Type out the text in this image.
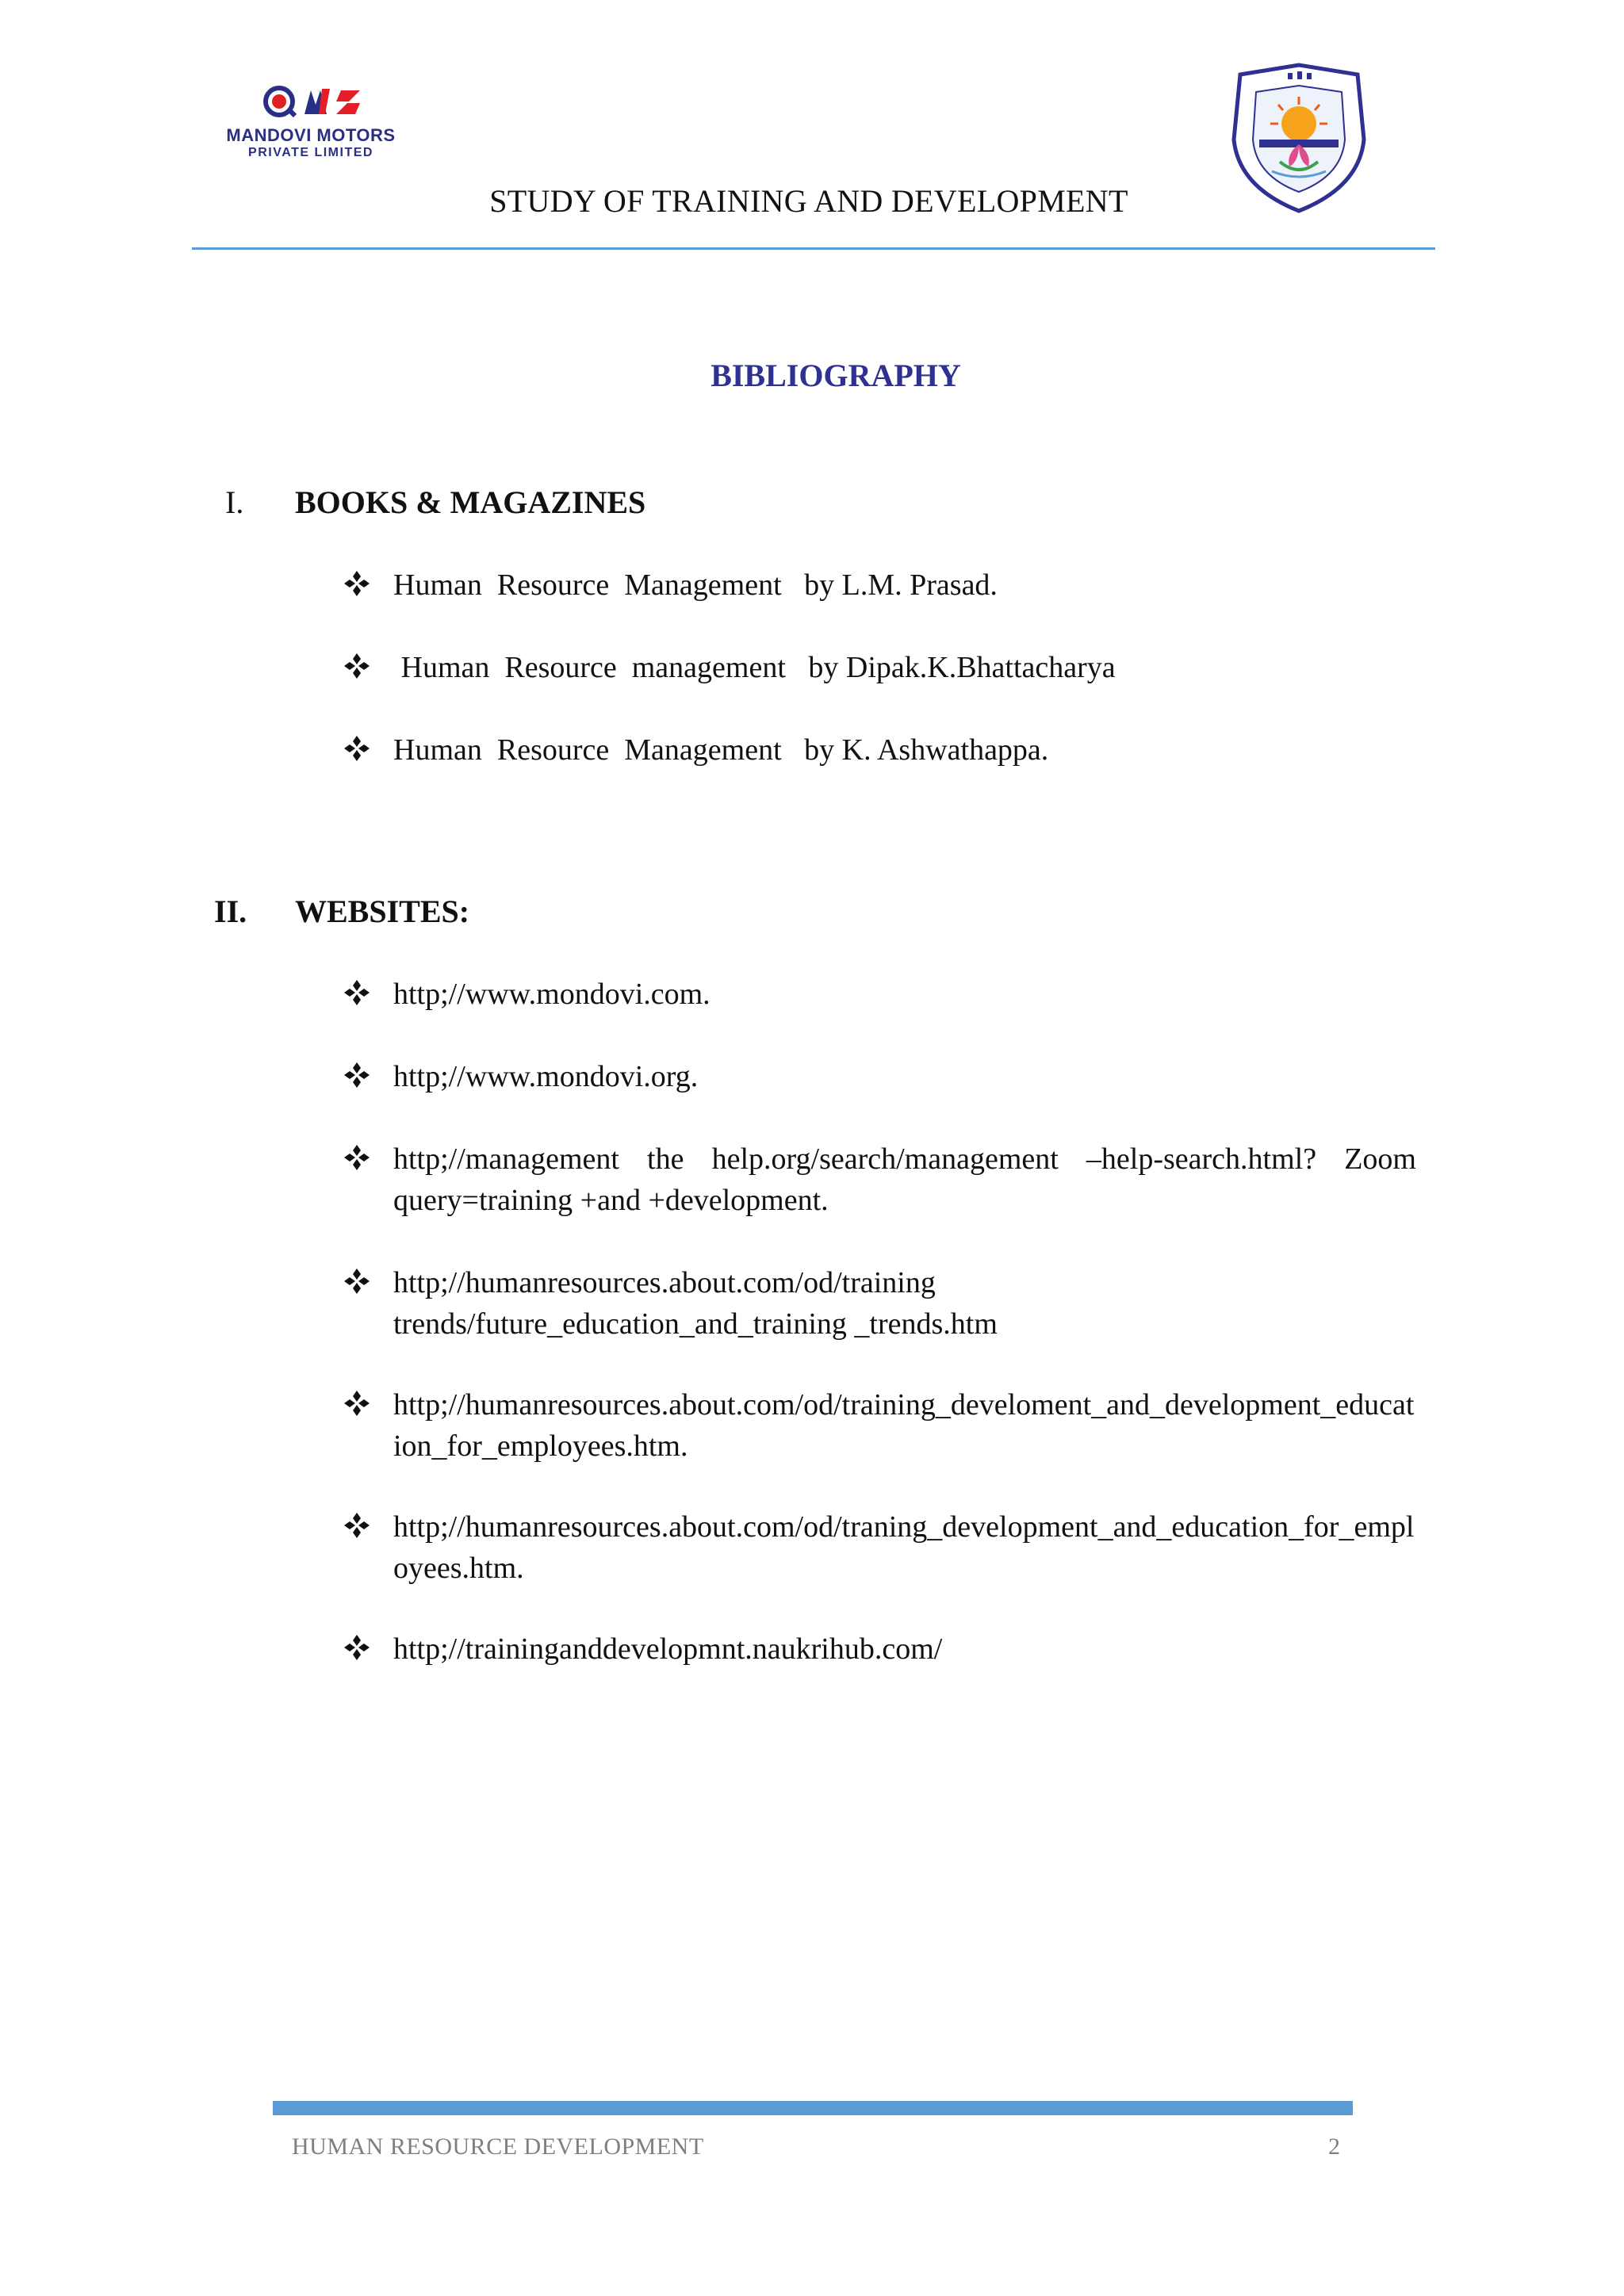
MANDOVI MOTORS
PRIVATE LIMITED
STUDY OF TRAINING AND DEVELOPMENT
BIBLIOGRAPHY
I.	BOOKS & MAGAZINES
Human  Resource  Management   by L.M. Prasad.
Human  Resource  management   by Dipak.K.Bhattacharya
Human  Resource  Management   by K. Ashwathappa.
II.	WEBSITES:
http;//www.mondovi.com.
http;//www.mondovi.org.
http;//management the help.org/search/management –help-search.html? Zoom query=training +and +development.
http;//humanresources.about.com/od/training trends/future_education_and_training _trends.htm
http;//humanresources.about.com/od/training_develoment_and_development_education_for_employees.htm.
http;//humanresources.about.com/od/traning_development_and_education_for_employees.htm.
http;//traininganddevelopmnt.naukrihub.com/
HUMAN RESOURCE DEVELOPMENT	2
